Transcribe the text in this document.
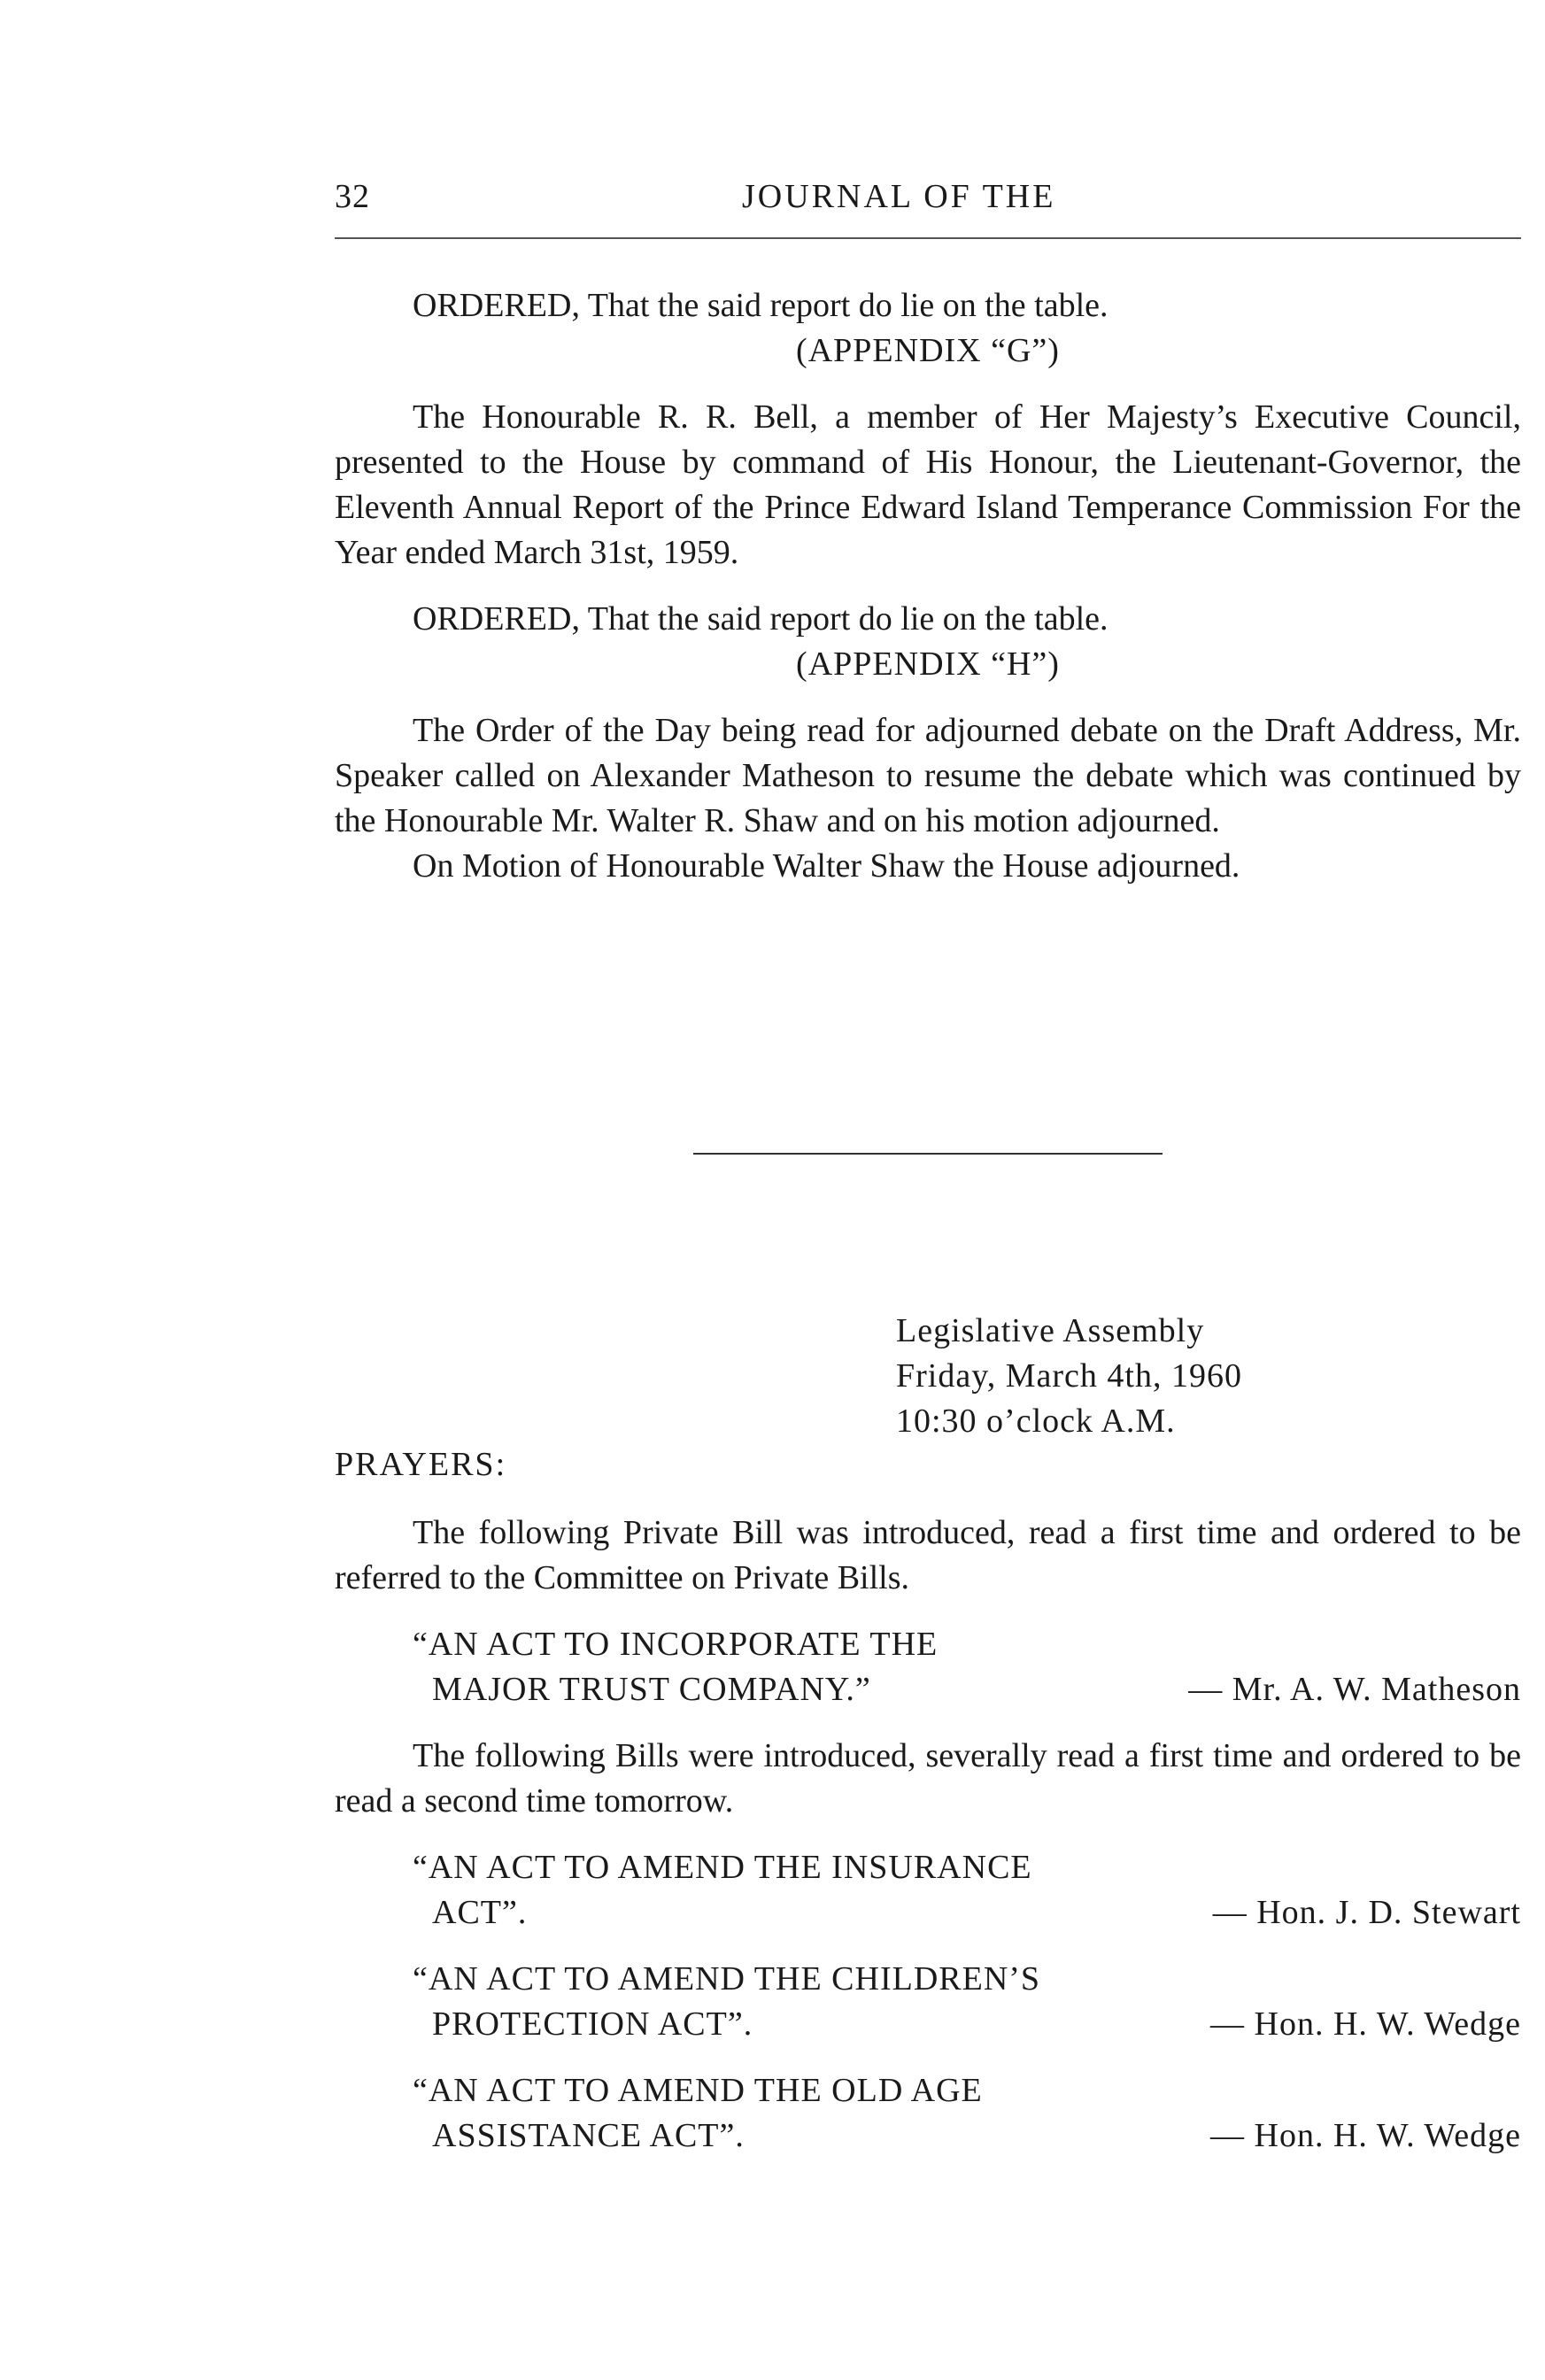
32	JOURNAL OF THE

ORDERED, That the said report do lie on the table.

(APPENDIX “G”)

The Honourable R. R. Bell, a member of Her Majesty’s Executive Council, presented to the House by command of His Honour, the Lieutenant-Governor, the Eleventh Annual Report of the Prince Edward Island Temperance Commission For the Year ended March 31st, 1959.

ORDERED, That the said report do lie on the table.

(APPENDIX “H”)

The Order of the Day being read for adjourned debate on the Draft Address, Mr. Speaker called on Alexander Matheson to resume the debate which was continued by the Honourable Mr. Walter R. Shaw and on his motion adjourned.

On Motion of Honourable Walter Shaw the House adjourned.

Legislative Assembly
Friday, March 4th, 1960
10:30 o’clock A.M.
PRAYERS:

The following Private Bill was introduced, read a first time and ordered to be referred to the Committee on Private Bills.

“AN ACT TO INCORPORATE THE
MAJOR TRUST COMPANY.”	— Mr. A. W. Matheson

The following Bills were introduced, severally read a first time and ordered to be read a second time tomorrow.

“AN ACT TO AMEND THE INSURANCE
ACT”.	— Hon. J. D. Stewart
“AN ACT TO AMEND THE CHILDREN’S
PROTECTION ACT”.	— Hon. H. W. Wedge
“AN ACT TO AMEND THE OLD AGE
ASSISTANCE ACT”.	— Hon. H. W. Wedge
